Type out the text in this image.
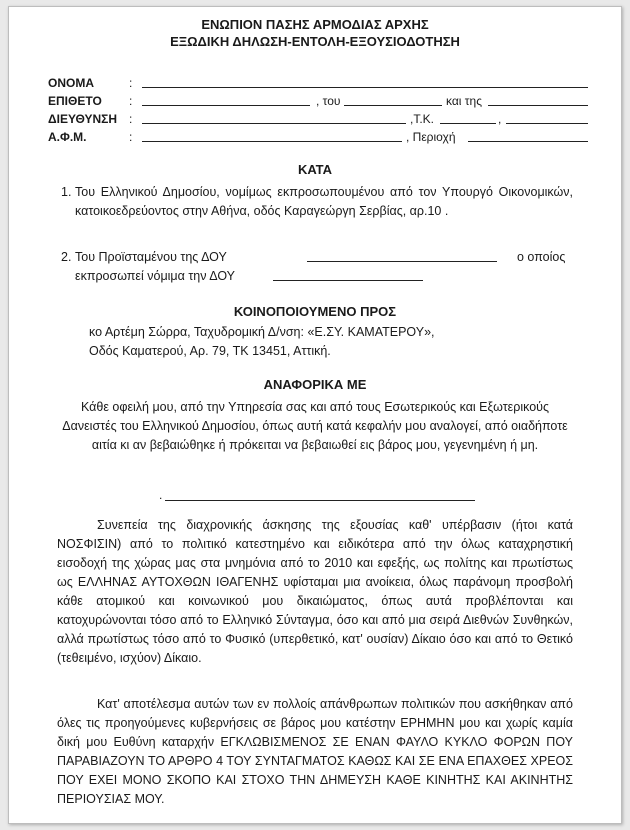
ΕΝΩΠΙΟΝ ΠΑΣΗΣ ΑΡΜΟΔΙΑΣ ΑΡΧΗΣ
ΕΞΩΔΙΚΗ ΔΗΛΩΣΗ-ΕΝΤΟΛΗ-ΕΞΟΥΣΙΟΔΟΤΗΣΗ
ΟΝΟΜΑ	:
ΕΠΙΘΕΤΟ :	, του	και της
ΔΙΕΥΘΥΝΣΗ :	,Τ.Κ.	,
Α.Φ.Μ.	:	, Περιοχή
ΚΑΤΑ
1. Του Ελληνικού Δημοσίου, νομίμως εκπροσωπουμένου από τον Υπουργό Οικονομικών, κατοικοεδρεύοντος στην Αθήνα, οδός Καραγεώργη Σερβίας, αρ.10 .
2. Του Προϊσταμένου της ΔΟΥ	ο οποίος
εκπροσωπεί νόμιμα την ΔΟΥ
ΚΟΙΝΟΠΟΙΟΥΜΕΝΟ ΠΡΟΣ
κο Αρτέμη Σώρρα, Ταχυδρομική Δ/νση: «Ε.ΣΥ. ΚΑΜΑΤΕΡΟΥ»,
Οδός Καματερού, Αρ. 79, ΤΚ 13451, Αττική.
ΑΝΑΦΟΡΙΚΑ ΜΕ
Κάθε οφειλή μου, από την Υπηρεσία σας και από τους Εσωτερικούς και Εξωτερικούς Δανειστές του Ελληνικού Δημοσίου, όπως αυτή κατά κεφαλήν μου αναλογεί, από οιαδήποτε αιτία κι αν βεβαιώθηκε ή πρόκειται να βεβαιωθεί εις βάρος μου, γεγενημένη ή μη.
.
Συνεπεία της διαχρονικής άσκησης της εξουσίας καθ' υπέρβασιν (ήτοι κατά ΝΟΣΦΙΣΙΝ) από το πολιτικό κατεστημένο και ειδικότερα από την όλως καταχρηστική εισοδοχή της χώρας μας στα μνημόνια από το 2010 και εφεξής, ως πολίτης και πρωτίστως ως ΕΛΛΗΝΑΣ ΑΥΤΟΧΘΩΝ ΙΘΑΓΕΝΗΣ υφίσταμαι μια ανοίκεια, όλως παράνομη προσβολή κάθε ατομικού και κοινωνικού μου δικαιώματος, όπως αυτά προβλέπονται και κατοχυρώνονται τόσο από το Ελληνικό Σύνταγμα, όσο και από μια σειρά Διεθνών Συνθηκών, αλλά πρωτίστως τόσο από το Φυσικό (υπερθετικό, κατ' ουσίαν) Δίκαιο όσο και από το Θετικό (τεθειμένο, ισχύον) Δίκαιο.
Κατ' αποτέλεσμα αυτών των εν πολλοίς απάνθρωπων πολιτικών που ασκήθηκαν από όλες τις προηγούμενες κυβερνήσεις σε βάρος μου κατέστην ΕΡΗΜΗΝ μου και χωρίς καμία δική μου Ευθύνη καταρχήν ΕΓΚΛΩΒΙΣΜΕΝΟΣ ΣΕ ΕΝΑΝ ΦΑΥΛΟ ΚΥΚΛΟ ΦΟΡΩΝ ΠΟΥ ΠΑΡΑΒΙΑΖΟΥΝ ΤΟ ΑΡΘΡΟ 4 ΤΟΥ ΣΥΝΤΑΓΜΑΤΟΣ ΚΑΘΩΣ ΚΑΙ ΣΕ ΕΝΑ ΕΠΑΧΘΕΣ ΧΡΕΟΣ ΠΟΥ ΕΧΕΙ ΜΟΝΟ ΣΚΟΠΟ ΚΑΙ ΣΤΟΧΟ ΤΗΝ ΔΗΜΕΥΣΗ ΚΑΘΕ ΚΙΝΗΤΗΣ ΚΑΙ ΑΚΙΝΗΤΗΣ ΠΕΡΙΟΥΣΙΑΣ ΜΟΥ.
